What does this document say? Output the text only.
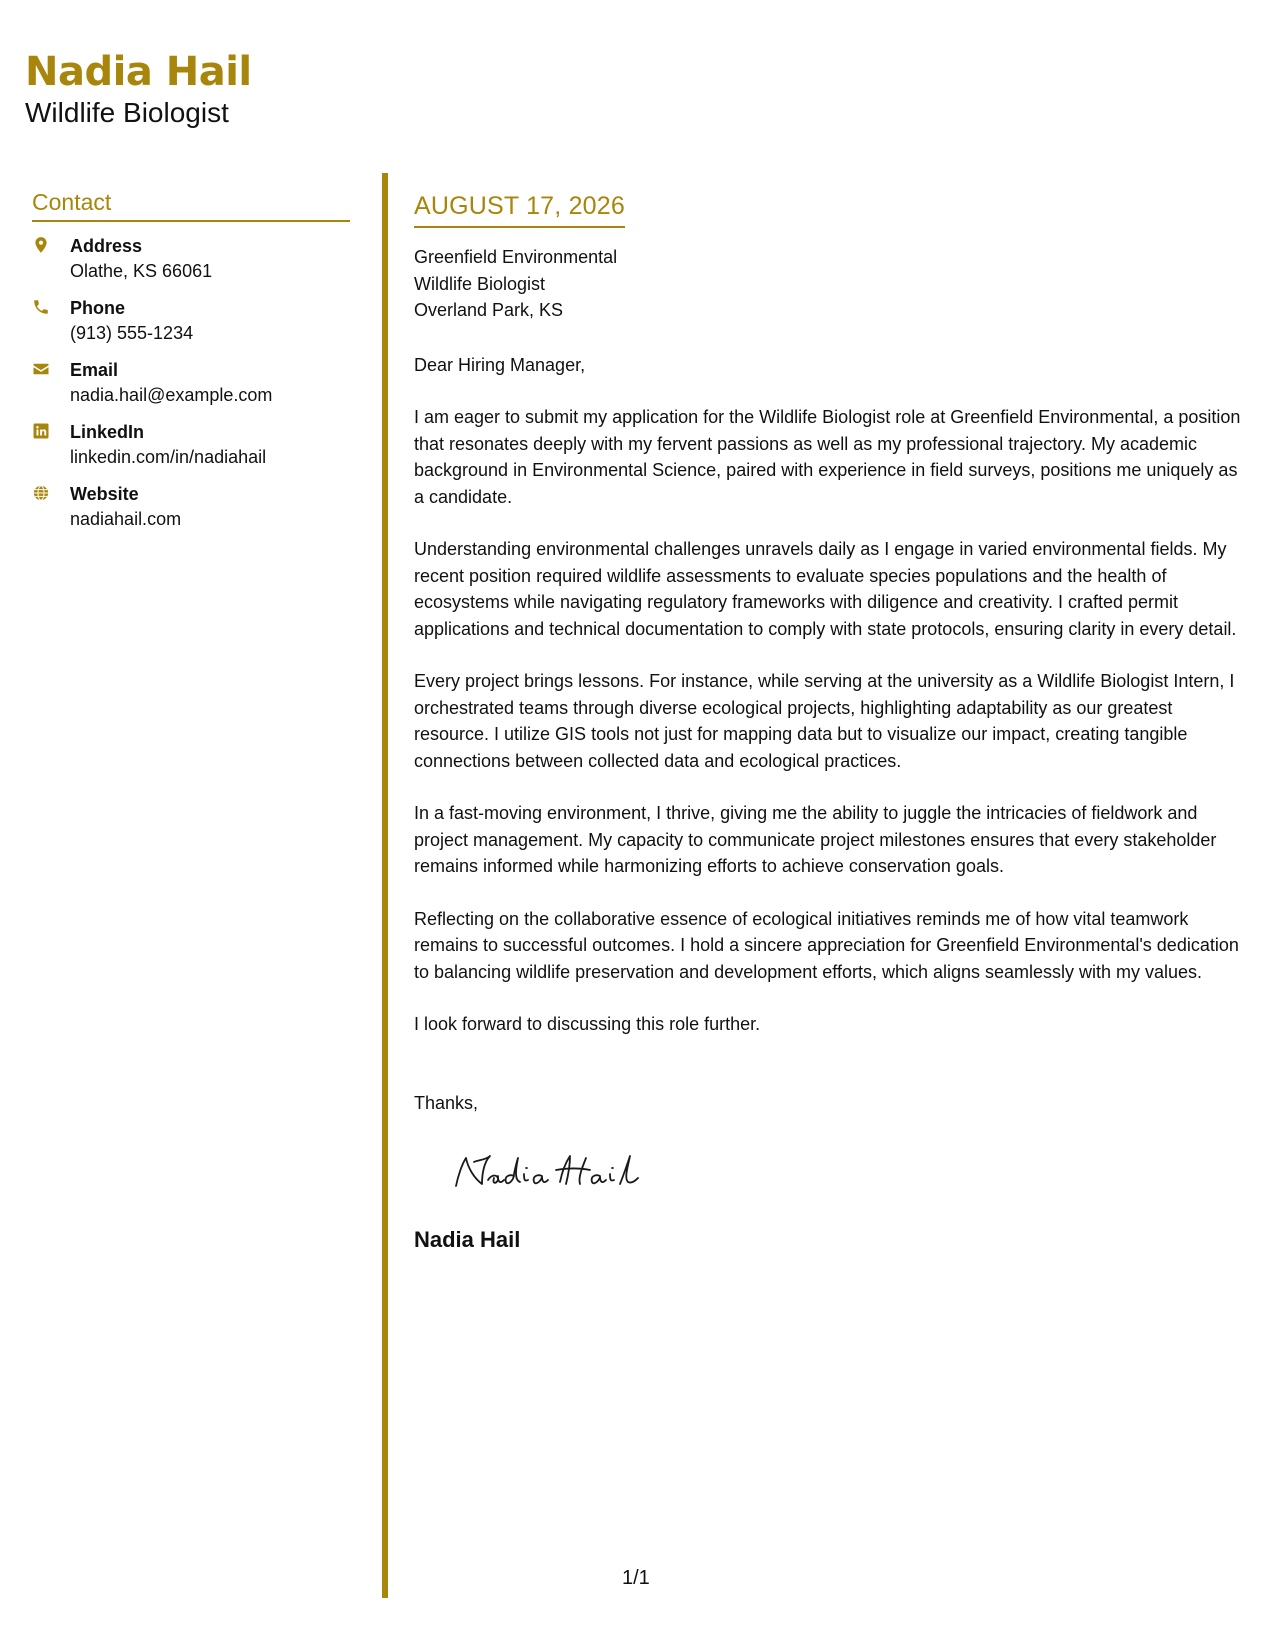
Nadia Hail
Wildlife Biologist
Contact
Address
Olathe, KS 66061
Phone
(913) 555-1234
Email
nadia.hail@example.com
LinkedIn
linkedin.com/in/nadiahail
Website
nadiahail.com
AUGUST 17, 2026
Greenfield Environmental
Wildlife Biologist
Overland Park, KS
Dear Hiring Manager,
I am eager to submit my application for the Wildlife Biologist role at Greenfield Environmental, a position that resonates deeply with my fervent passions as well as my professional trajectory. My academic background in Environmental Science, paired with experience in field surveys, positions me uniquely as a candidate.
Understanding environmental challenges unravels daily as I engage in varied environmental fields. My recent position required wildlife assessments to evaluate species populations and the health of ecosystems while navigating regulatory frameworks with diligence and creativity. I crafted permit applications and technical documentation to comply with state protocols, ensuring clarity in every detail.
Every project brings lessons. For instance, while serving at the university as a Wildlife Biologist Intern, I orchestrated teams through diverse ecological projects, highlighting adaptability as our greatest resource. I utilize GIS tools not just for mapping data but to visualize our impact, creating tangible connections between collected data and ecological practices.
In a fast-moving environment, I thrive, giving me the ability to juggle the intricacies of fieldwork and project management. My capacity to communicate project milestones ensures that every stakeholder remains informed while harmonizing efforts to achieve conservation goals.
Reflecting on the collaborative essence of ecological initiatives reminds me of how vital teamwork remains to successful outcomes. I hold a sincere appreciation for Greenfield Environmental's dedication to balancing wildlife preservation and development efforts, which aligns seamlessly with my values.
I look forward to discussing this role further.
Thanks,
Nadia Hail
1/1
